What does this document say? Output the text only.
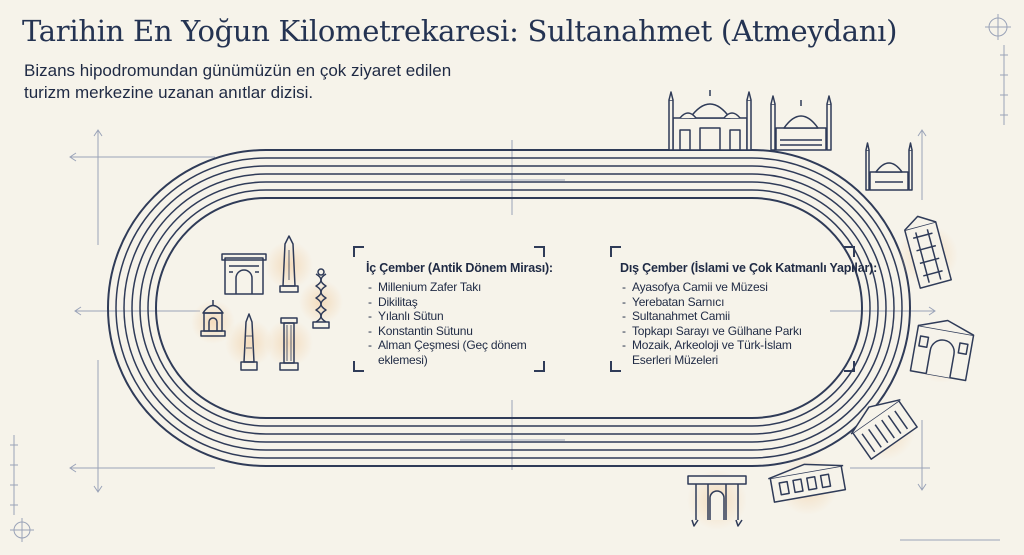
Tarihin En Yoğun Kilometrekaresi: Sultanahmet (Atmeydanı)
Bizans hipodromundan günümüzün en çok ziyaret edilen
turizm merkezine uzanan anıtlar dizisi.
İç Çember (Antik Dönem Mirası):
- Millenium Zafer Takı
- Dikilitaş
- Yılanlı Sütun
- Konstantin Sütunu
- Alman Çeşmesi (Geç dönem
eklemesi)
Dış Çember (İslami ve Çok Katmanlı Yapılar):
- Ayasofya Camii ve Müzesi
- Yerebatan Sarnıcı
- Sultanahmet Camii
- Topkapı Sarayı ve Gülhane Parkı
- Mozaik, Arkeoloji ve Türk-İslam
Eserleri Müzeleri
